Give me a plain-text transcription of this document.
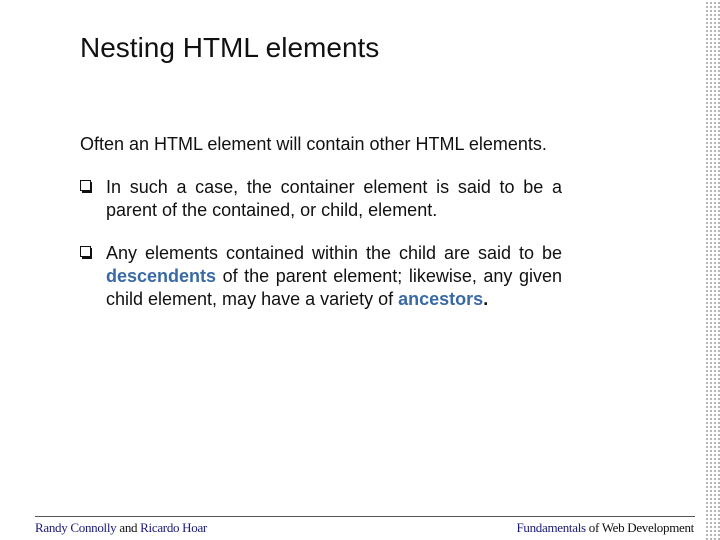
Nesting HTML elements
Often an HTML element will contain other HTML elements.
In such a case, the container element is said to be a parent of the contained, or child, element.
Any elements contained within the child are said to be descendents of the parent element; likewise, any given child element, may have a variety of ancestors.
Randy Connolly and Ricardo Hoar	Fundamentals of Web Development
